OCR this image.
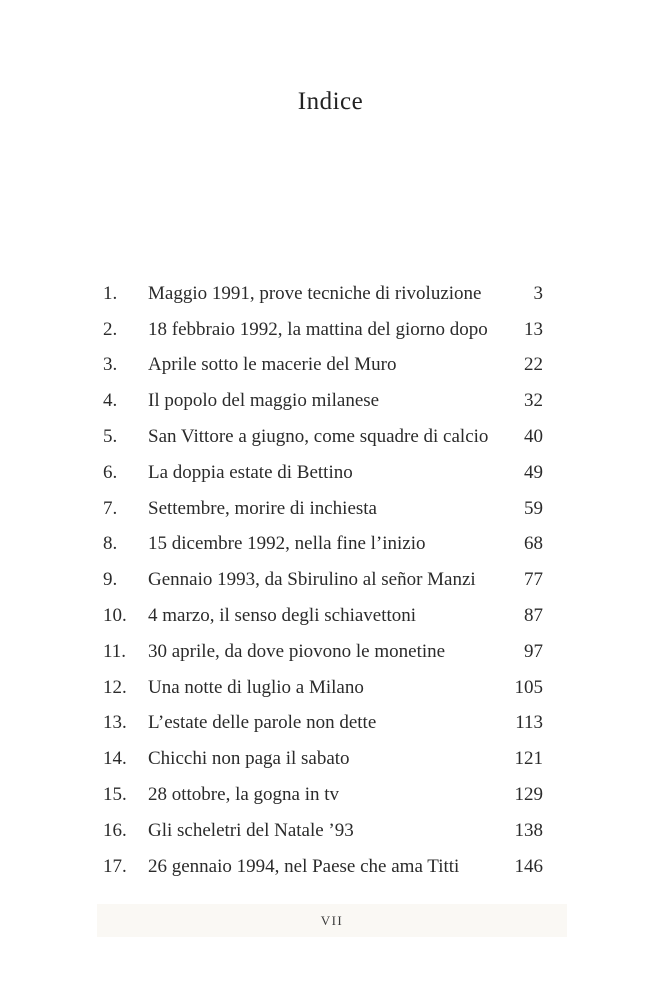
Indice
1.	Maggio 1991, prove tecniche di rivoluzione	3
2.	18 febbraio 1992, la mattina del giorno dopo	13
3.	Aprile sotto le macerie del Muro	22
4.	Il popolo del maggio milanese	32
5.	San Vittore a giugno, come squadre di calcio	40
6.	La doppia estate di Bettino	49
7.	Settembre, morire di inchiesta	59
8.	15 dicembre 1992, nella fine l’inizio	68
9.	Gennaio 1993, da Sbirulino al señor Manzi	77
10.	4 marzo, il senso degli schiavettoni	87
11.	30 aprile, da dove piovono le monetine	97
12.	Una notte di luglio a Milano	105
13.	L’estate delle parole non dette	113
14.	Chicchi non paga il sabato	121
15.	28 ottobre, la gogna in tv	129
16.	Gli scheletri del Natale ’93	138
17.	26 gennaio 1994, nel Paese che ama Titti	146
VII
